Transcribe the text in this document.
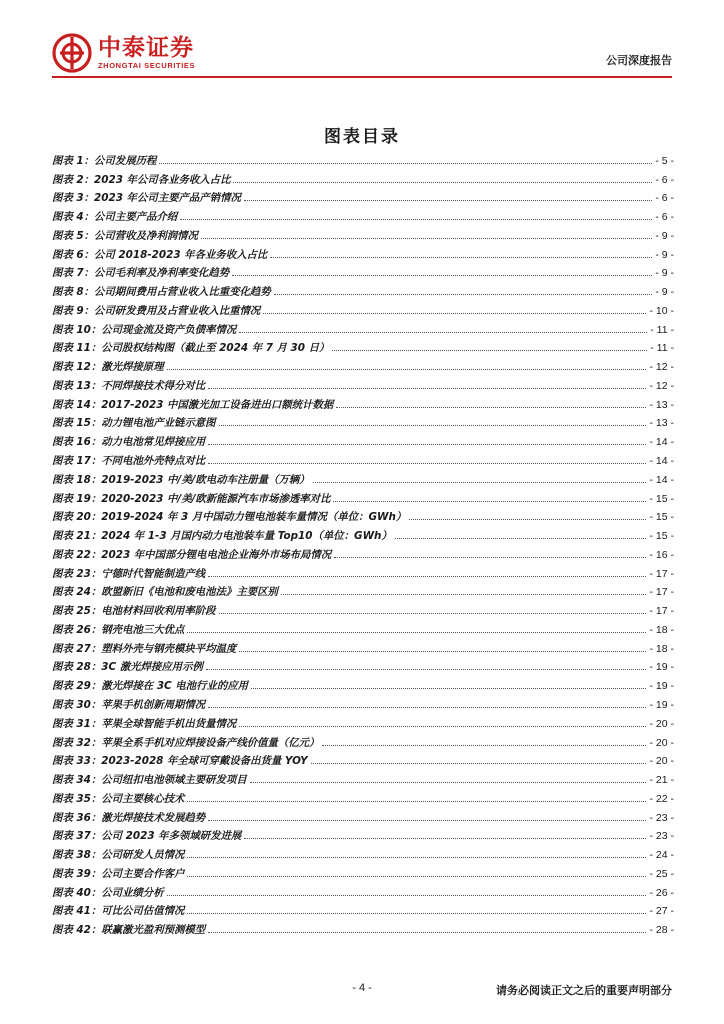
中泰证券
ZHONGTAI SECURITIES	公司深度报告
图表目录
图表 1：公司发展历程	- 5 -
图表 2：2023 年公司各业务收入占比	- 6 -
图表 3：2023 年公司主要产品产销情况	- 6 -
图表 4：公司主要产品介绍	- 6 -
图表 5：公司营收及净利润情况	- 9 -
图表 6：公司 2018-2023 年各业务收入占比	- 9 -
图表 7：公司毛利率及净利率变化趋势	- 9 -
图表 8：公司期间费用占营业收入比重变化趋势	- 9 -
图表 9：公司研发费用及占营业收入比重情况	- 10 -
图表 10：公司现金流及资产负债率情况	- 11 -
图表 11：公司股权结构图（截止至 2024 年 7 月 30 日）	- 11 -
图表 12：激光焊接原理	- 12 -
图表 13：不同焊接技术得分对比	- 12 -
图表 14：2017-2023 中国激光加工设备进出口额统计数据	- 13 -
图表 15：动力锂电池产业链示意图	- 13 -
图表 16：动力电池常见焊接应用	- 14 -
图表 17：不同电池外壳特点对比	- 14 -
图表 18：2019-2023 中/美/欧电动车注册量（万辆）	- 14 -
图表 19：2020-2023 中/美/欧新能源汽车市场渗透率对比	- 15 -
图表 20：2019-2024 年 3 月中国动力锂电池装车量情况（单位：GWh）	- 15 -
图表 21：2024 年 1-3 月国内动力电池装车量 Top10（单位：GWh）	- 15 -
图表 22：2023 年中国部分锂电电池企业海外市场布局情况	- 16 -
图表 23：宁德时代智能制造产线	- 17 -
图表 24：欧盟新旧《电池和废电池法》主要区别	- 17 -
图表 25：电池材料回收利用率阶段	- 17 -
图表 26：钢壳电池三大优点	- 18 -
图表 27：塑料外壳与钢壳模块平均温度	- 18 -
图表 28：3C 激光焊接应用示例	- 19 -
图表 29：激光焊接在 3C 电池行业的应用	- 19 -
图表 30：苹果手机创新周期情况	- 19 -
图表 31：苹果全球智能手机出货量情况	- 20 -
图表 32：苹果全系手机对应焊接设备产线价值量（亿元）	- 20 -
图表 33：2023-2028 年全球可穿戴设备出货量 YOY	- 20 -
图表 34：公司纽扣电池领域主要研发项目	- 21 -
图表 35：公司主要核心技术	- 22 -
图表 36：激光焊接技术发展趋势	- 23 -
图表 37：公司 2023 年多领域研发进展	- 23 -
图表 38：公司研发人员情况	- 24 -
图表 39：公司主要合作客户	- 25 -
图表 40：公司业绩分析	- 26 -
图表 41：可比公司估值情况	- 27 -
图表 42：联赢激光盈利预测模型	- 28 -
- 4 -	请务必阅读正文之后的重要声明部分
